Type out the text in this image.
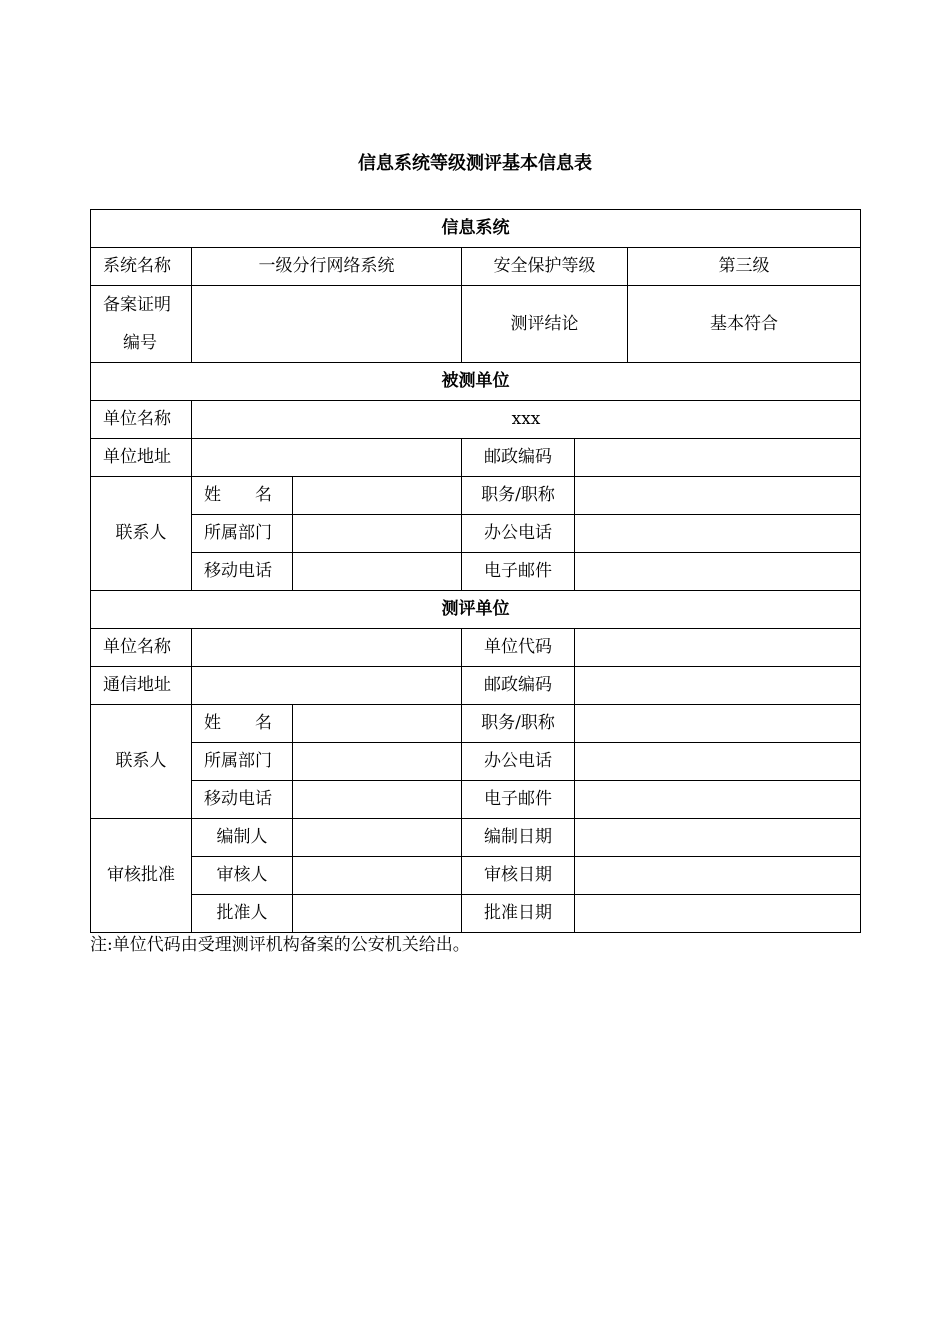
信息系统等级测评基本信息表
信息系统					
系统名称	一级分行网络系统		安全保护等级		第三级

备案证明
编号			测评结论		基本符合
被测单位					
单位名称	xxx				
单位地址			邮政编码		
联系人	姓　　名		职务/职称		
	所属部门		办公电话		
	移动电话		电子邮件		
测评单位					
单位名称			单位代码		
通信地址			邮政编码		
联系人	姓　　名		职务/职称		
	所属部门		办公电话		
	移动电话		电子邮件		
审核批准	编制人		编制日期		
	审核人		审核日期		
	批准人		批准日期		
注:单位代码由受理测评机构备案的公安机关给出。
